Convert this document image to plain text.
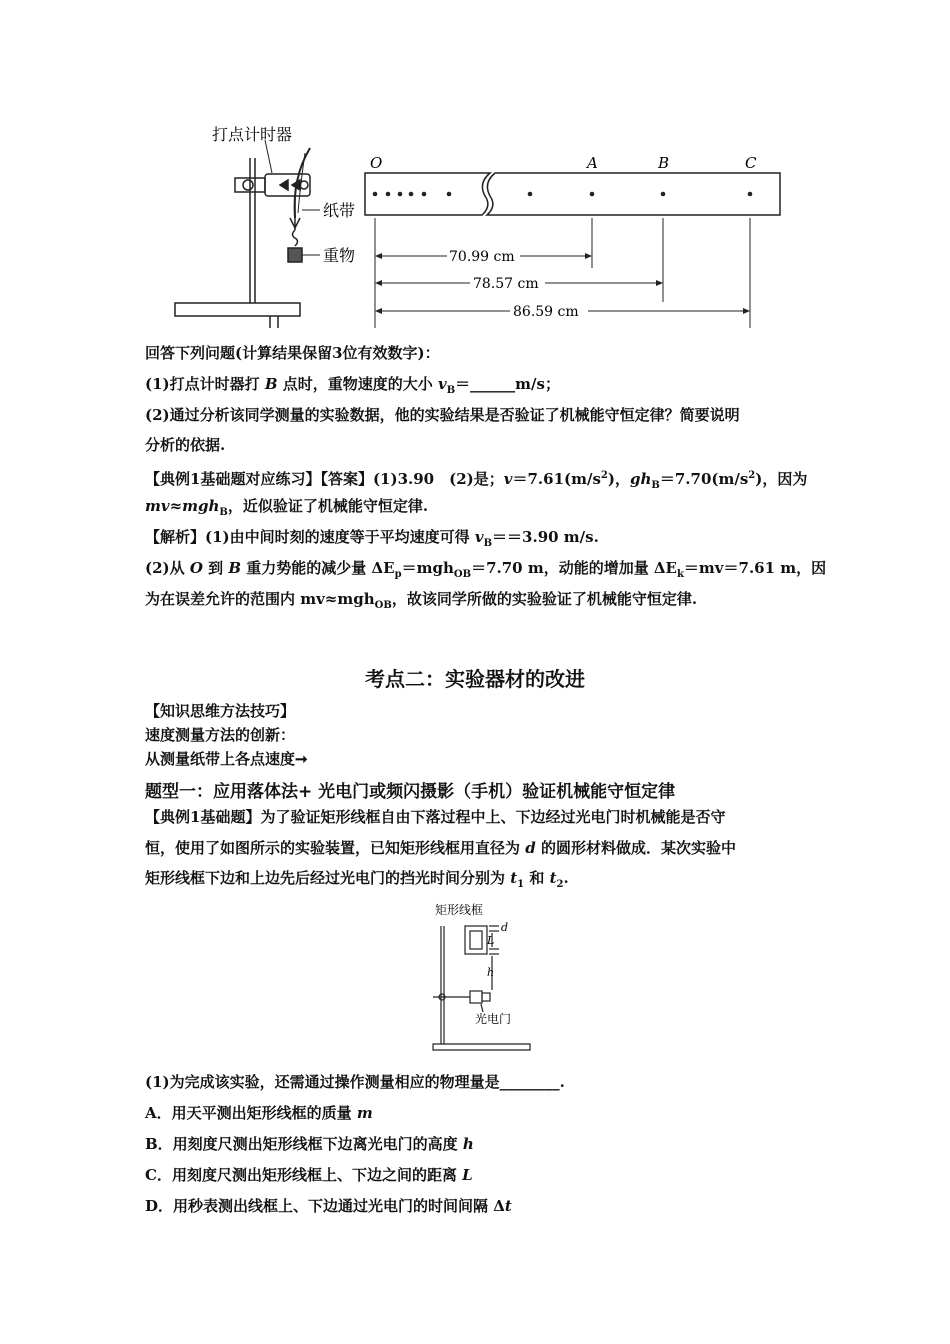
打点计时器
纸带
重物
O	A	B	C
70.99 cm
78.57 cm
86.59 cm
回答下列问题(计算结果保留3位有效数字)：
(1)打点计时器打 B 点时，重物速度的大小 $v_B=\_\_\_\_\_\_m/s$；
(2)通过分析该同学测量的实验数据，他的实验结果是否验证了机械能守恒定律？简要说明
分析的依据.
【典例1基础题对应练习】【答案】(1)3.90　(2)是；$v=7.61(m/s^2)$，$gh_B=7.70(m/s^2)$，因为
mv≈mgh$_B$，近似验证了机械能守恒定律.
【解析】(1)由中间时刻的速度等于平均速度可得 $v_B==3.90$ m/s.
(2)从 O 到 B 重力势能的减少量 $\Delta E_p=mgh_{OB}=7.70$ m，动能的增加量 $\Delta E_k=mv=7.61$ m，因
为在误差允许的范围内 mv≈mgh$_{OB}$，故该同学所做的实验验证了机械能守恒定律.
考点二：实验器材的改进
【知识思维方法技巧】
速度测量方法的创新：
从测量纸带上各点速度➞
题型一：应用落体法+ 光电门或频闪摄影（手机）验证机械能守恒定律
【典例1基础题】为了验证矩形线框自由下落过程中上、下边经过光电门时机械能是否守
恒，使用了如图所示的实验装置，已知矩形线框用直径为 d 的圆形材料做成．某次实验中
矩形线框下边和上边先后经过光电门的挡光时间分别为 $t_1$ 和 $t_2$.
矩形线框
d
L
h
光电门
(1)为完成该实验，还需通过操作测量相应的物理量是________.
A．用天平测出矩形线框的质量 m
B．用刻度尺测出矩形线框下边离光电门的高度 h
C．用刻度尺测出矩形线框上、下边之间的距离 L
D．用秒表测出线框上、下边通过光电门的时间间隔 Δt
